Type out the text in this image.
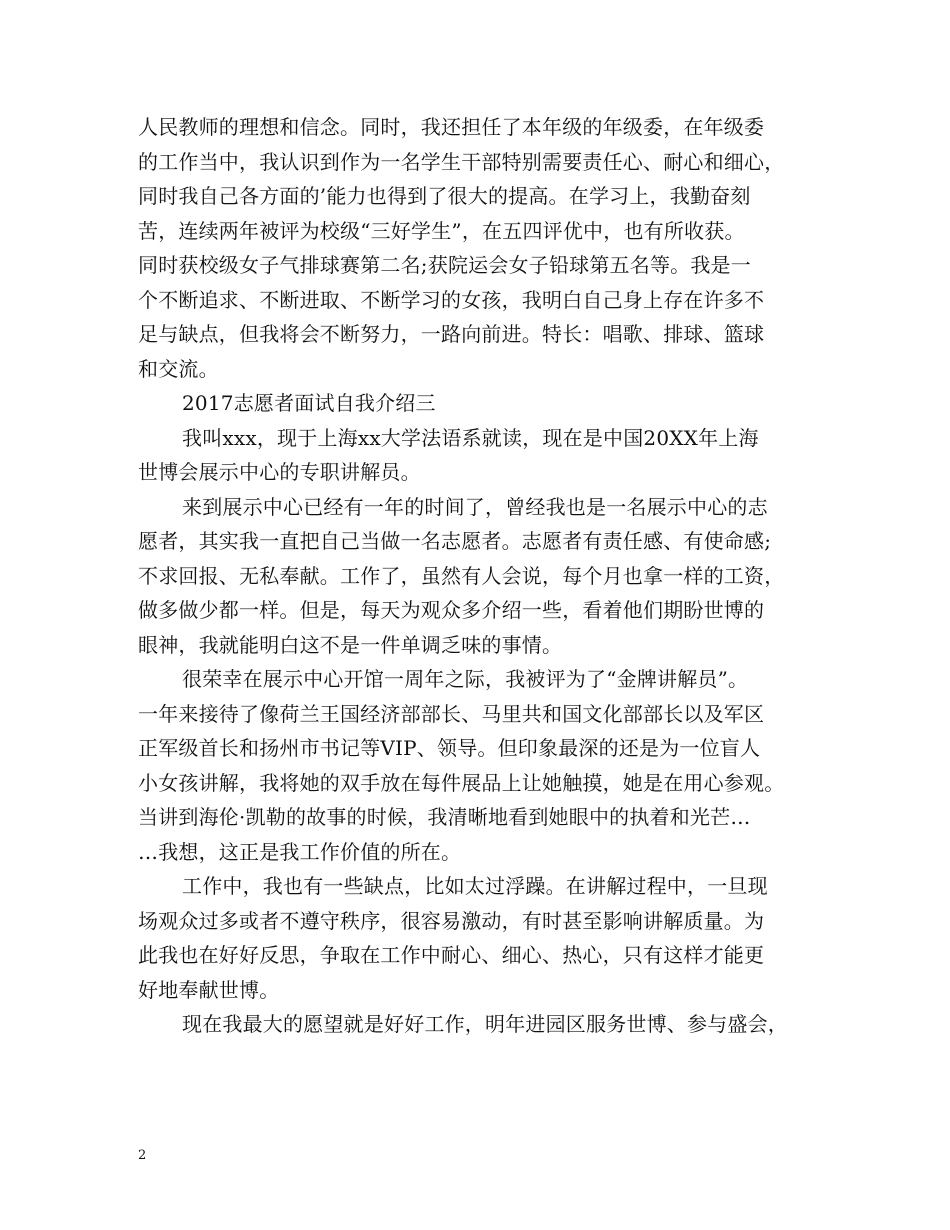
人民教师的理想和信念。同时，我还担任了本年级的年级委，在年级委
的工作当中，我认识到作为一名学生干部特别需要责任心、耐心和细心，
同时我自己各方面的’能力也得到了很大的提高。在学习上，我勤奋刻
苦，连续两年被评为校级“三好学生”，在五四评优中，也有所收获。
同时获校级女子气排球赛第二名;获院运会女子铅球第五名等。我是一
个不断追求、不断进取、不断学习的女孩，我明白自己身上存在许多不
足与缺点，但我将会不断努力，一路向前进。特长：唱歌、排球、篮球
和交流。
2017志愿者面试自我介绍三
我叫xxx，现于上海xx大学法语系就读，现在是中国20XX年上海
世博会展示中心的专职讲解员。
来到展示中心已经有一年的时间了，曾经我也是一名展示中心的志
愿者，其实我一直把自己当做一名志愿者。志愿者有责任感、有使命感;
不求回报、无私奉献。工作了，虽然有人会说，每个月也拿一样的工资，
做多做少都一样。但是，每天为观众多介绍一些，看着他们期盼世博的
眼神，我就能明白这不是一件单调乏味的事情。
很荣幸在展示中心开馆一周年之际，我被评为了“金牌讲解员”。
一年来接待了像荷兰王国经济部部长、马里共和国文化部部长以及军区
正军级首长和扬州市书记等VIP、领导。但印象最深的还是为一位盲人
小女孩讲解，我将她的双手放在每件展品上让她触摸，她是在用心参观。
当讲到海伦·凯勒的故事的时候，我清晰地看到她眼中的执着和光芒…
…我想，这正是我工作价值的所在。
工作中，我也有一些缺点，比如太过浮躁。在讲解过程中，一旦现
场观众过多或者不遵守秩序，很容易激动，有时甚至影响讲解质量。为
此我也在好好反思，争取在工作中耐心、细心、热心，只有这样才能更
好地奉献世博。
现在我最大的愿望就是好好工作，明年进园区服务世博、参与盛会，
2
